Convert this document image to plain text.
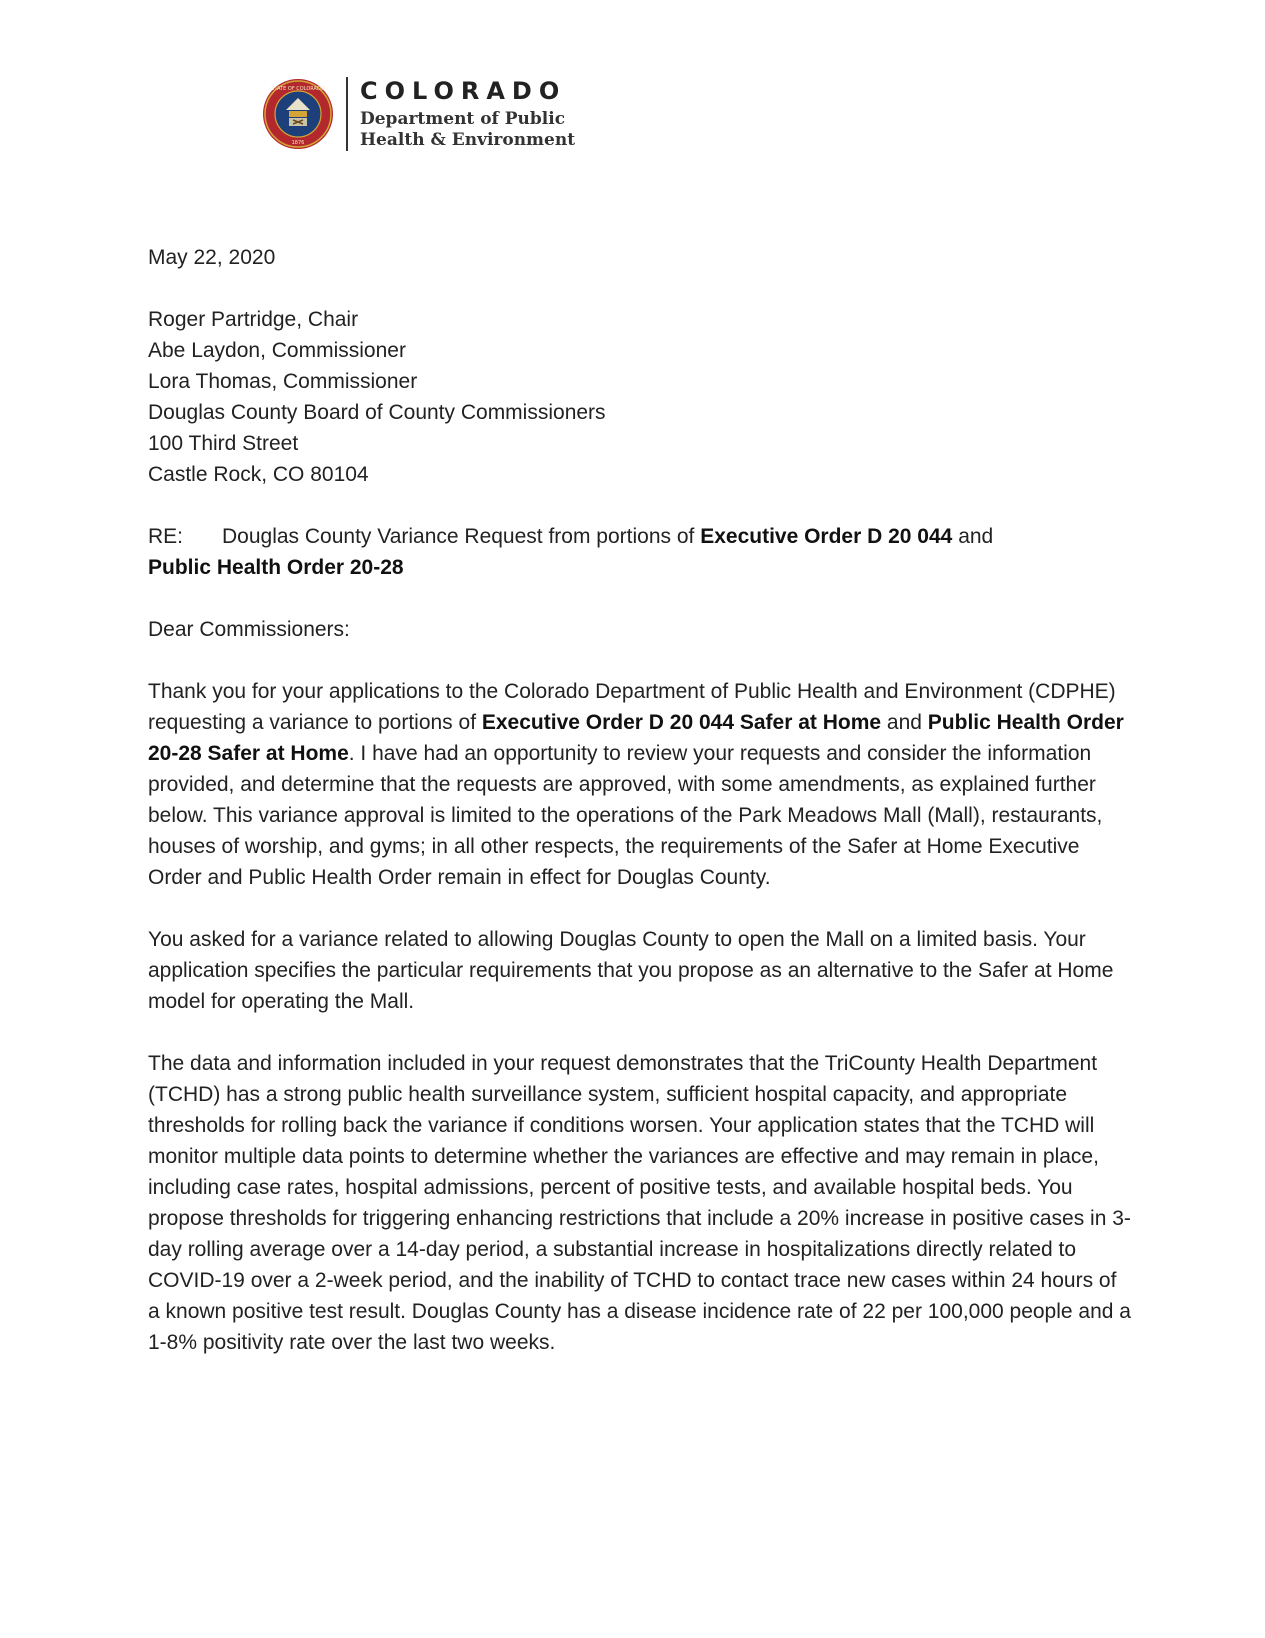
STATE OF COLORADO
1876
COLORADO
Department of Public
Health & Environment

May 22, 2020

Roger Partridge, Chair

Abe Laydon, Commissioner

Lora Thomas, Commissioner

Douglas County Board of County Commissioners

100 Third Street

Castle Rock, CO 80104

RE: Douglas County Variance Request from portions of Executive Order D 20 044 and

Public Health Order 20-28

Dear Commissioners:

Thank you for your applications to the Colorado Department of Public Health and Environment (CDPHE) requesting a variance to portions of Executive Order D 20 044 Safer at Home and Public Health Order 20-28 Safer at Home. I have had an opportunity to review your requests and consider the information provided, and determine that the requests are approved, with some amendments, as explained further below. This variance approval is limited to the operations of the Park Meadows Mall (Mall), restaurants, houses of worship, and gyms; in all other respects, the requirements of the Safer at Home Executive Order and Public Health Order remain in effect for Douglas County.

You asked for a variance related to allowing Douglas County to open the Mall on a limited basis. Your application specifies the particular requirements that you propose as an alternative to the Safer at Home model for operating the Mall.

The data and information included in your request demonstrates that the TriCounty Health Department (TCHD) has a strong public health surveillance system, sufficient hospital capacity, and appropriate thresholds for rolling back the variance if conditions worsen. Your application states that the TCHD will monitor multiple data points to determine whether the variances are effective and may remain in place, including case rates, hospital admissions, percent of positive tests, and available hospital beds. You propose thresholds for triggering enhancing restrictions that include a 20% increase in positive cases in 3-day rolling average over a 14-day period, a substantial increase in hospitalizations directly related to COVID-19 over a 2-week period, and the inability of TCHD to contact trace new cases within 24 hours of a known positive test result. Douglas County has a disease incidence rate of 22 per 100,000 people and a 1-8% positivity rate over the last two weeks.
